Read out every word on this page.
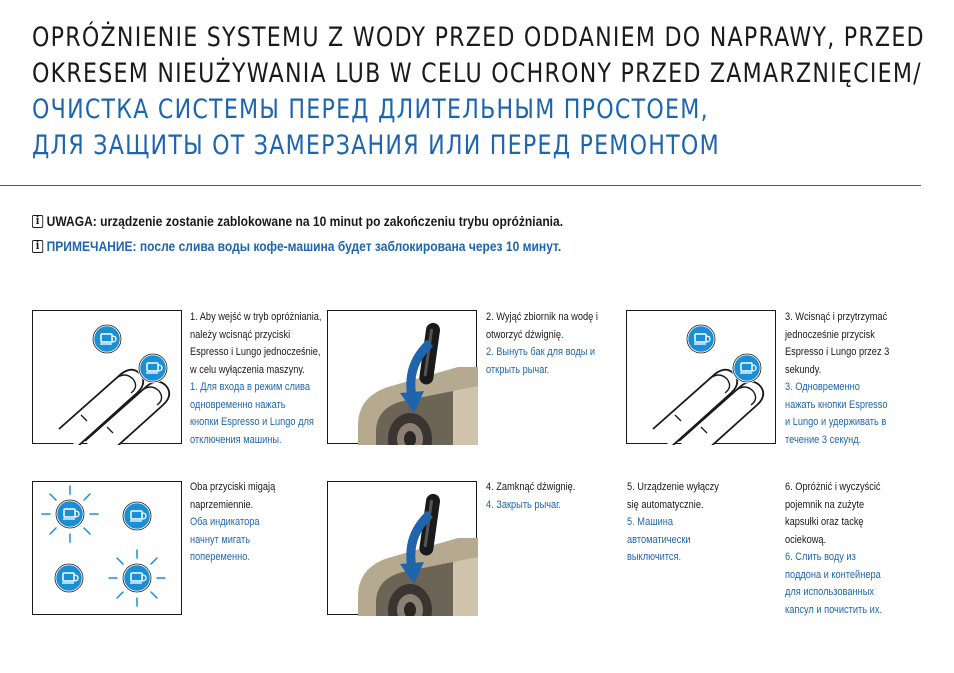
OPRÓŻNIENIE SYSTEMU Z WODY PRZED ODDANIEM DO NAPRAWY, PRZED
OKRESEM NIEUŻYWANIA LUB W CELU OCHRONY PRZED ZAMARZNIĘCIEM/
ОЧИСТКА СИСТЕМЫ ПЕРЕД ДЛИТЕЛЬНЫМ ПРОСТОЕМ,
ДЛЯ ЗАЩИТЫ ОТ ЗАМЕРЗАНИЯ ИЛИ ПЕРЕД РЕМОНТОМ
i
UWAGA: urządzenie zostanie zablokowane na 10 minut po zakończeniu trybu opróżniania.
i
ПРИМЕЧАНИЕ: после слива воды кофе-машина будет заблокирована через 10 минут.
1. Aby wejść w tryb opróżniania,
należy wcisnąć przyciski
Espresso i Lungo jednocześnie,
w celu wyłączenia maszyny.
1. Для входа в режим слива
одновременно нажать
кнопки Espresso и Lungo для
отключения машины.
2. Wyjąć zbiornik na wodę i
otworzyć dźwignię.
2. Вынуть бак для воды и
открыть рычаг.
3. Wcisnąć i przytrzymać
jednocześnie przycisk
Espresso i Lungo przez 3
sekundy.
3. Одновременно
нажать кнопки Espresso
и Lungo и удерживать в
течение 3 секунд.
Oba przyciski migają
naprzemiennie.
Оба индикатора
начнут мигать
попеременно.
4. Zamknąć dźwignię.
4. Закрыть рычаг.
5. Urządzenie wyłączy
się automatycznie.
5. Машина
автоматически
выключится.
6. Opróżnić i wyczyścić
pojemnik na zużyte
kapsułki oraz tackę
ociekową.
6. Слить воду из
поддона и контейнера
для использованных
капсул и почистить их.
